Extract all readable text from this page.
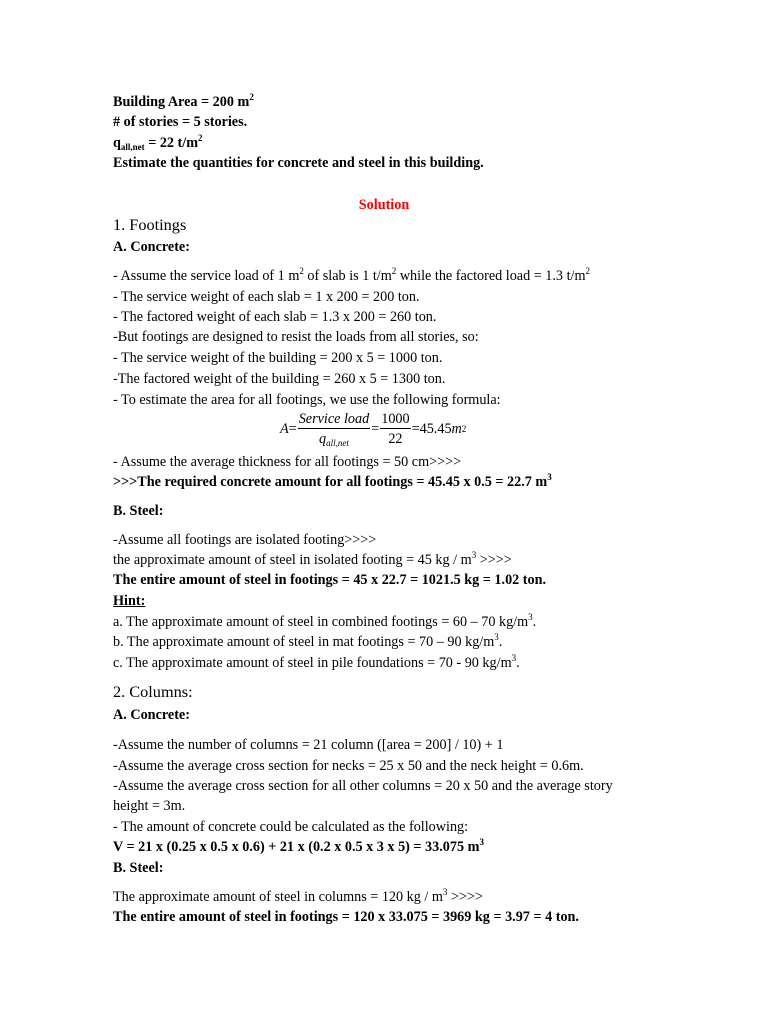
Building Area = 200 $m^2$
# of stories = 5 stories.
$q_{all,net} = 22$ $t/m^2$
Estimate the quantities for concrete and steel in this building.
Solution
1. Footings
A. Concrete:
- Assume the service load of 1 $m^2$ of slab is 1 $t/m^2$ while the factored load = 1.3 $t/m^2$
- The service weight of each slab = 1 x 200 = 200 ton.
- The factored weight of each slab = 1.3 x 200 = 260 ton.
-But footings are designed to resist the loads from all stories, so:
- The service weight of the building = 200 x 5 = 1000 ton.
-The factored weight of the building = 260 x 5 = 1300 ton.
- To estimate the area for all footings, we use the following formula:
$A = \frac{\text{Service load}}{q_{all,net}} = \frac{1000}{22} = 45.45$ m 2
- Assume the average thickness for all footings = 50 cm>>>>
>>>The required concrete amount for all footings = 45.45 x 0.5 = 22.7 $m^3$
B. Steel:
-Assume all footings are isolated footing>>>>
the approximate amount of steel in isolated footing = 45 kg / $m^3$ >>>>
The entire amount of steel in footings = 45 x 22.7 = 1021.5 kg = 1.02 ton.
Hint:
a. The approximate amount of steel in combined footings = 60 – 70 $kg/m^3$.
b. The approximate amount of steel in mat footings = 70 – 90 $kg/m^3$.
c. The approximate amount of steel in pile foundations = 70 - 90 $kg/m^3$.
2. Columns:
A. Concrete:
-Assume the number of columns = 21 column ([area = 200] / 10) + 1
-Assume the average cross section for necks = 25 x 50 and the neck height = 0.6m.
-Assume the average cross section for all other columns = 20 x 50 and the average story
height = 3m.
- The amount of concrete could be calculated as the following:
V = 21 x (0.25 x 0.5 x 0.6) + 21 x (0.2 x 0.5 x 3 x 5) = 33.075 $m^3$
B. Steel:
The approximate amount of steel in columns = 120 kg / $m^3$ >>>>
The entire amount of steel in footings = 120 x 33.075 = 3969 kg = 3.97 = 4 ton.
